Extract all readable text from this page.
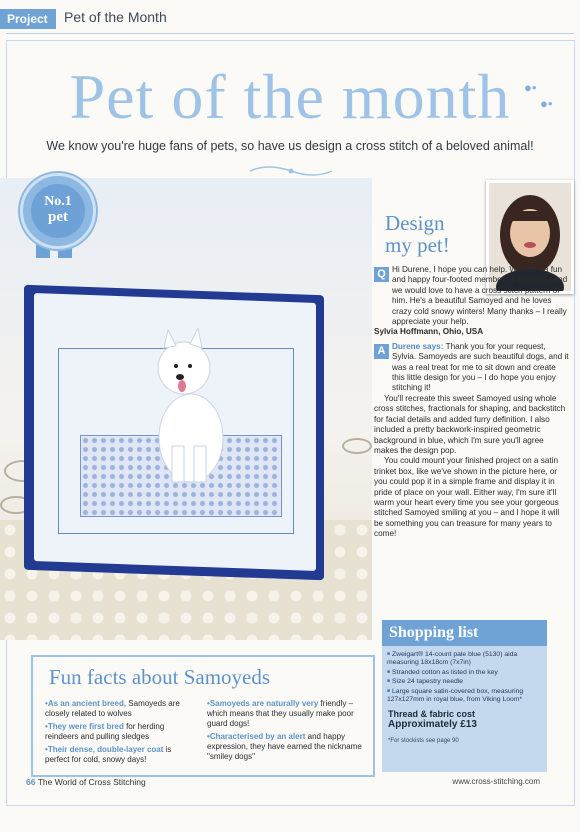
Project	Pet of the Month
Pet of the month	●•
●•
We know you're huge fans of pets, so have us design a cross stitch of a beloved animal!
No.1
pet	Design
my pet!

Q Hi Durene, I hope you can help. We have a fun and happy four-footed member of our family and we would love to have a cross stitch pattern of him. He's a beautiful Samoyed and he loves crazy cold snowy winters! Many thanks – I really appreciate your help.

Sylvia Hoffmann, Ohio, USA

A Durene says: Thank you for your request, Sylvia. Samoyeds are such beautiful dogs, and it was a real treat for me to sit down and create this little design for you – I do hope you enjoy stitching it!

You'll recreate this sweet Samoyed using whole cross stitches, fractionals for shaping, and backstitch for facial details and added furry definition. I also included a pretty backwork-inspired geometric background in blue, which I'm sure you'll agree makes the design pop.

You could mount your finished project on a satin trinket box, like we've shown in the picture here, or you could pop it in a simple frame and display it in pride of place on your wall. Either way, I'm sure it'll warm your heart every time you see your gorgeous stitched Samoyed smiling at you – and I hope it will be something you can treasure for many years to come!

Shopping list
■ Zweigart® 14-count pale blue (5130) aida measuring 18x18cm (7x7in)
■ Stranded cotton as listed in the key
■ Size 24 tapestry needle
■ Large square satin-covered box, measuring 127x127mm in royal blue, from Viking Loom*
Thread & fabric cost
Approximately £13
*For stockists see page 90
Fun facts about Samoyeds
• As an ancient breed, Samoyeds are closely related to wolves
• They were first bred for herding reindeers and pulling sledges
• Their dense, double-layer coat is perfect for cold, snowy days!
• Samoyeds are naturally very friendly – which means that they usually make poor guard dogs!
• Characterised by an alert and happy expression, they have earned the nickname "smiley dogs"
66 The World of Cross Stitching	www.cross-stitching.com
